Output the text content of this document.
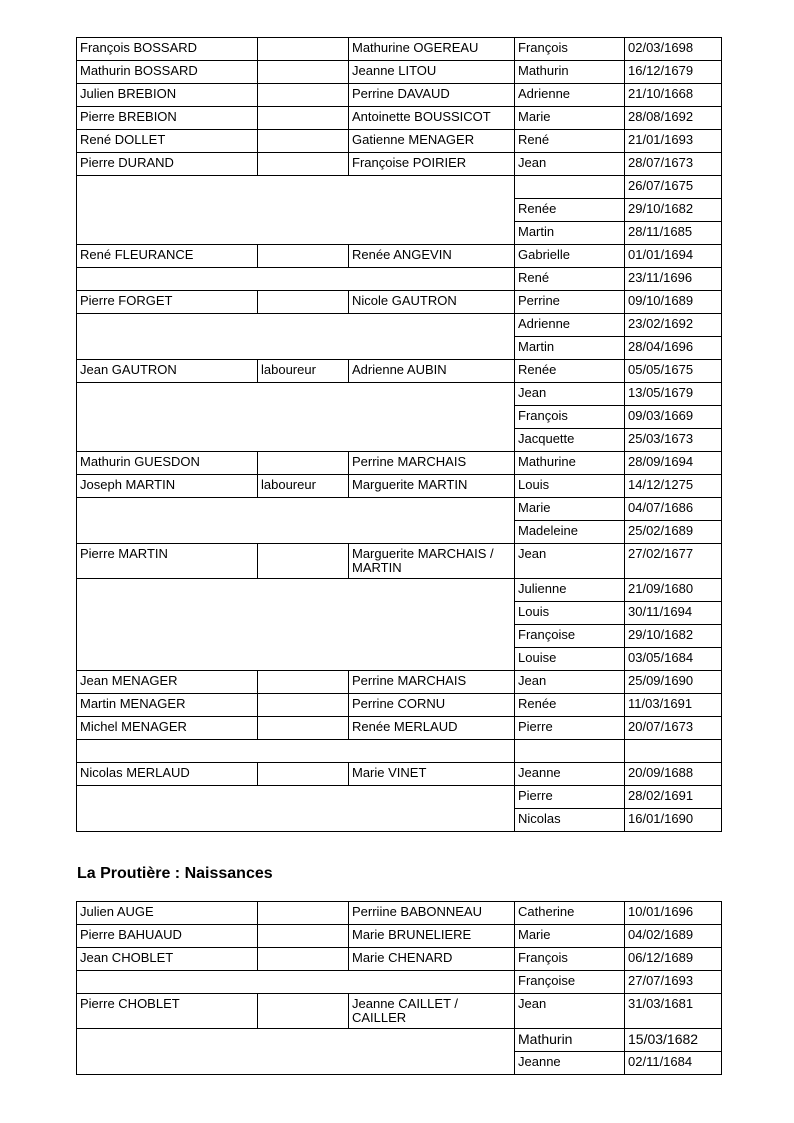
François BOSSARD		Mathurine OGEREAU	François	02/03/1698
Mathurin BOSSARD		Jeanne LITOU	Mathurin	16/12/1679
Julien BREBION		Perrine DAVAUD	Adrienne	21/10/1668
Pierre BREBION		Antoinette BOUSSICOT	Marie	28/08/1692
René DOLLET		Gatienne MENAGER	René	21/01/1693
Pierre DURAND		Françoise POIRIER	Jean	28/07/1673
				26/07/1675
			Renée	29/10/1682
			Martin	28/11/1685
René FLEURANCE		Renée ANGEVIN	Gabrielle	01/01/1694
			René	23/11/1696
Pierre FORGET		Nicole GAUTRON	Perrine	09/10/1689
			Adrienne	23/02/1692
			Martin	28/04/1696
Jean GAUTRON	laboureur	Adrienne AUBIN	Renée	05/05/1675
			Jean	13/05/1679
			François	09/03/1669
			Jacquette	25/03/1673
Mathurin GUESDON		Perrine MARCHAIS	Mathurine	28/09/1694
Joseph MARTIN	laboureur	Marguerite MARTIN	Louis	14/12/1275
			Marie	04/07/1686
			Madeleine	25/02/1689
Pierre MARTIN		Marguerite MARCHAIS / MARTIN	Jean	27/02/1677
			Julienne	21/09/1680
			Louis	30/11/1694
			Françoise	29/10/1682
			Louise	03/05/1684
Jean MENAGER		Perrine MARCHAIS	Jean	25/09/1690
Martin MENAGER		Perrine CORNU	Renée	11/03/1691
Michel MENAGER		Renée MERLAUD	Pierre	20/07/1673

Nicolas MERLAUD		Marie VINET	Jeanne	20/09/1688
			Pierre	28/02/1691
			Nicolas	16/01/1690
La Proutière : Naissances
Julien AUGE		Perriine BABONNEAU	Catherine	10/01/1696
Pierre BAHUAUD		Marie BRUNELIERE	Marie	04/02/1689
Jean CHOBLET		Marie CHENARD	François	06/12/1689
			Françoise	27/07/1693
Pierre CHOBLET		Jeanne CAILLET / CAILLER	Jean	31/03/1681
			Mathurin	15/03/1682
			Jeanne	02/11/1684
